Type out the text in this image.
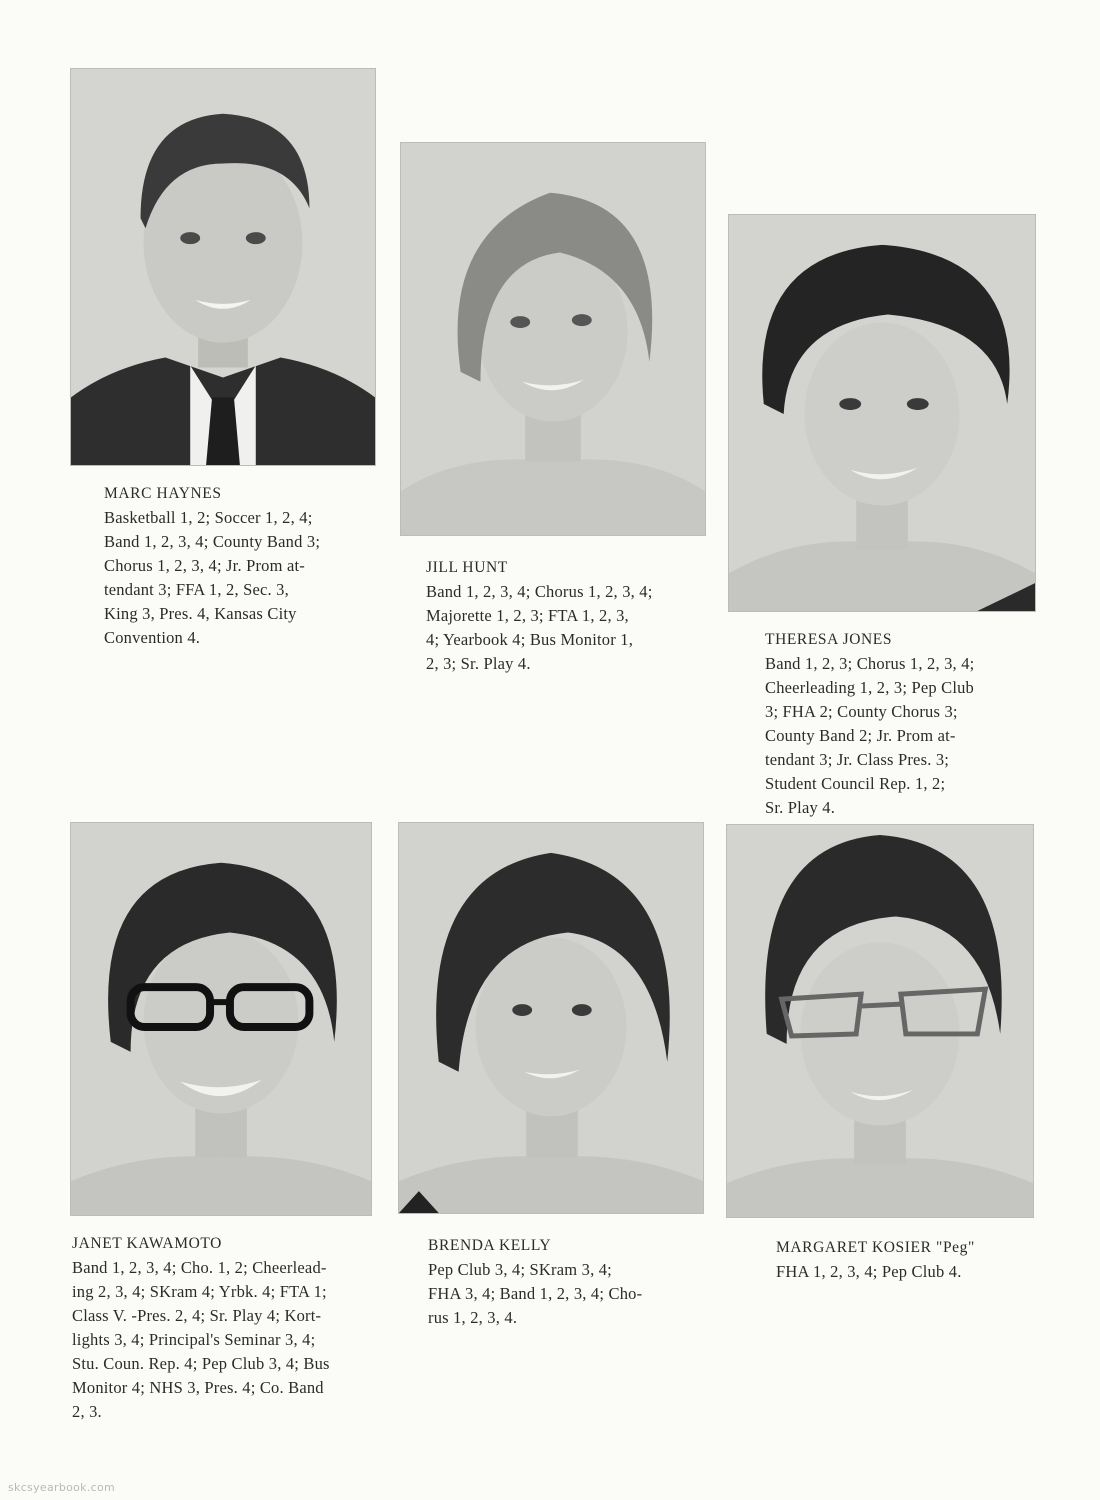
MARC HAYNES
Basketball 1, 2; Soccer 1, 2, 4;
Band 1, 2, 3, 4; County Band 3;
Chorus 1, 2, 3, 4; Jr. Prom at-
tendant 3; FFA 1, 2, Sec. 3,
King 3, Pres. 4, Kansas City
Convention 4.
JILL HUNT
Band 1, 2, 3, 4; Chorus 1, 2, 3, 4;
Majorette 1, 2, 3; FTA 1, 2, 3,
4; Yearbook 4; Bus Monitor 1,
2, 3; Sr. Play 4.
THERESA JONES
Band 1, 2, 3; Chorus 1, 2, 3, 4;
Cheerleading 1, 2, 3; Pep Club
3; FHA 2; County Chorus 3;
County Band 2; Jr. Prom at-
tendant 3; Jr. Class Pres. 3;
Student Council Rep. 1, 2;
Sr. Play 4.
JANET KAWAMOTO
Band 1, 2, 3, 4; Cho. 1, 2; Cheerlead-
ing 2, 3, 4; SKram 4; Yrbk. 4; FTA 1;
Class V. -Pres. 2, 4; Sr. Play 4; Kort-
lights 3, 4; Principal's Seminar 3, 4;
Stu. Coun. Rep. 4; Pep Club 3, 4; Bus
Monitor 4; NHS 3, Pres. 4; Co. Band
2, 3.
BRENDA KELLY
Pep Club 3, 4; SKram 3, 4;
FHA 3, 4; Band 1, 2, 3, 4; Cho-
rus 1, 2, 3, 4.
MARGARET KOSIER "Peg"
FHA 1, 2, 3, 4; Pep Club 4.
skcsyearbook.com
